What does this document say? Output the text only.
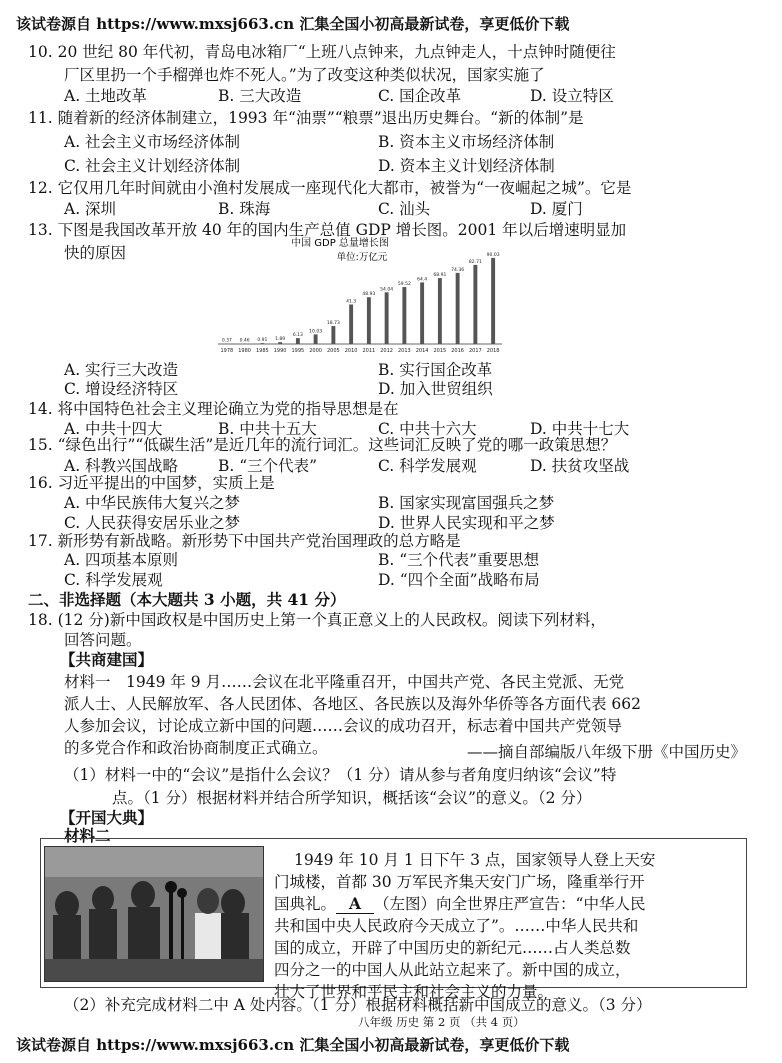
该试卷源自 https://www.mxsj663.cn 汇集全国小初高最新试卷，享更低价下载
10. 20 世纪 80 年代初，青岛电冰箱厂“上班八点钟来，九点钟走人，十点钟时随便往
厂区里扔一个手榴弹也炸不死人。”为了改变这种类似状况，国家实施了
A. 土地改革	B. 三大改造	C. 国企改革	D. 设立特区
11. 随着新的经济体制建立，1993 年“油票”“粮票”退出历史舞台。“新的体制”是
A. 社会主义市场经济体制	B. 资本主义市场经济体制
C. 社会主义计划经济体制	D. 资本主义计划经济体制
12. 它仅用几年时间就由小渔村发展成一座现代化大都市，被誉为“一夜崛起之城”。它是
A. 深圳	B. 珠海	C. 汕头	D. 厦门
13. 下图是我国改革开放 40 年的国内生产总值 GDP 增长图。2001 年以后增速明显加
快的原因
中国 GDP 总量增长图
单位:万亿元
0.37
1978
0.46
1980
0.91
1985
1.89
1990
6.13
1995
10.03
2000
18.73
2005
41.3
2010
48.93
2011
54.04
2012
59.52
2013
64.4
2014
68.91
2015
74.36
2016
82.71
2017
90.03
2018
A. 实行三大改造	B. 实行国企改革
C. 增设经济特区	D. 加入世贸组织
14. 将中国特色社会主义理论确立为党的指导思想是在
A. 中共十四大	B. 中共十五大	C. 中共十六大	D. 中共十七大
15. “绿色出行”“低碳生活”是近几年的流行词汇。这些词汇反映了党的哪一政策思想？
A. 科教兴国战略	B. “三个代表”	C. 科学发展观	D. 扶贫攻坚战
16. 习近平提出的中国梦，实质上是
A. 中华民族伟大复兴之梦	B. 国家实现富国强兵之梦
C. 人民获得安居乐业之梦	D. 世界人民实现和平之梦
17. 新形势有新战略。新形势下中国共产党治国理政的总方略是
A. 四项基本原则	B. “三个代表”重要思想
C. 科学发展观	D. “四个全面”战略布局
二、非选择题（本大题共 3 小题，共 41 分）
18. (12 分)新中国政权是中国历史上第一个真正意义上的人民政权。阅读下列材料，
回答问题。
【共商建国】
材料一　1949 年 9 月……会议在北平隆重召开，中国共产党、各民主党派、无党
派人士、人民解放军、各人民团体、各地区、各民族以及海外华侨等各方面代表 662
人参加会议，讨论成立新中国的问题……会议的成功召开，标志着中国共产党领导
的多党合作和政治协商制度正式确立。	——摘自部编版八年级下册《中国历史》
（1）材料一中的“会议”是指什么会议？（1 分）请从参与者角度归纳该“会议”特
点。（1 分）根据材料并结合所学知识，概括该“会议”的意义。（2 分）
【开国大典】
材料二
1949 年 10 月 1 日下午 3 点，国家领导人登上天安
门城楼，首都 30 万军民齐集天安门广场，隆重举行开
国典礼。 A （左图）向全世界庄严宣告：“中华人民
共和国中央人民政府今天成立了”。……中华人民共和
国的成立，开辟了中国历史的新纪元……占人类总数
四分之一的中国人从此站立起来了。新中国的成立，
壮大了世界和平民主和社会主义的力量。
（2）补充完成材料二中 A 处内容。（1 分）根据材料概括新中国成立的意义。（3 分）
八年级 历史 第 2 页 （共 4 页）
该试卷源自 https://www.mxsj663.cn 汇集全国小初高最新试卷，享更低价下载
